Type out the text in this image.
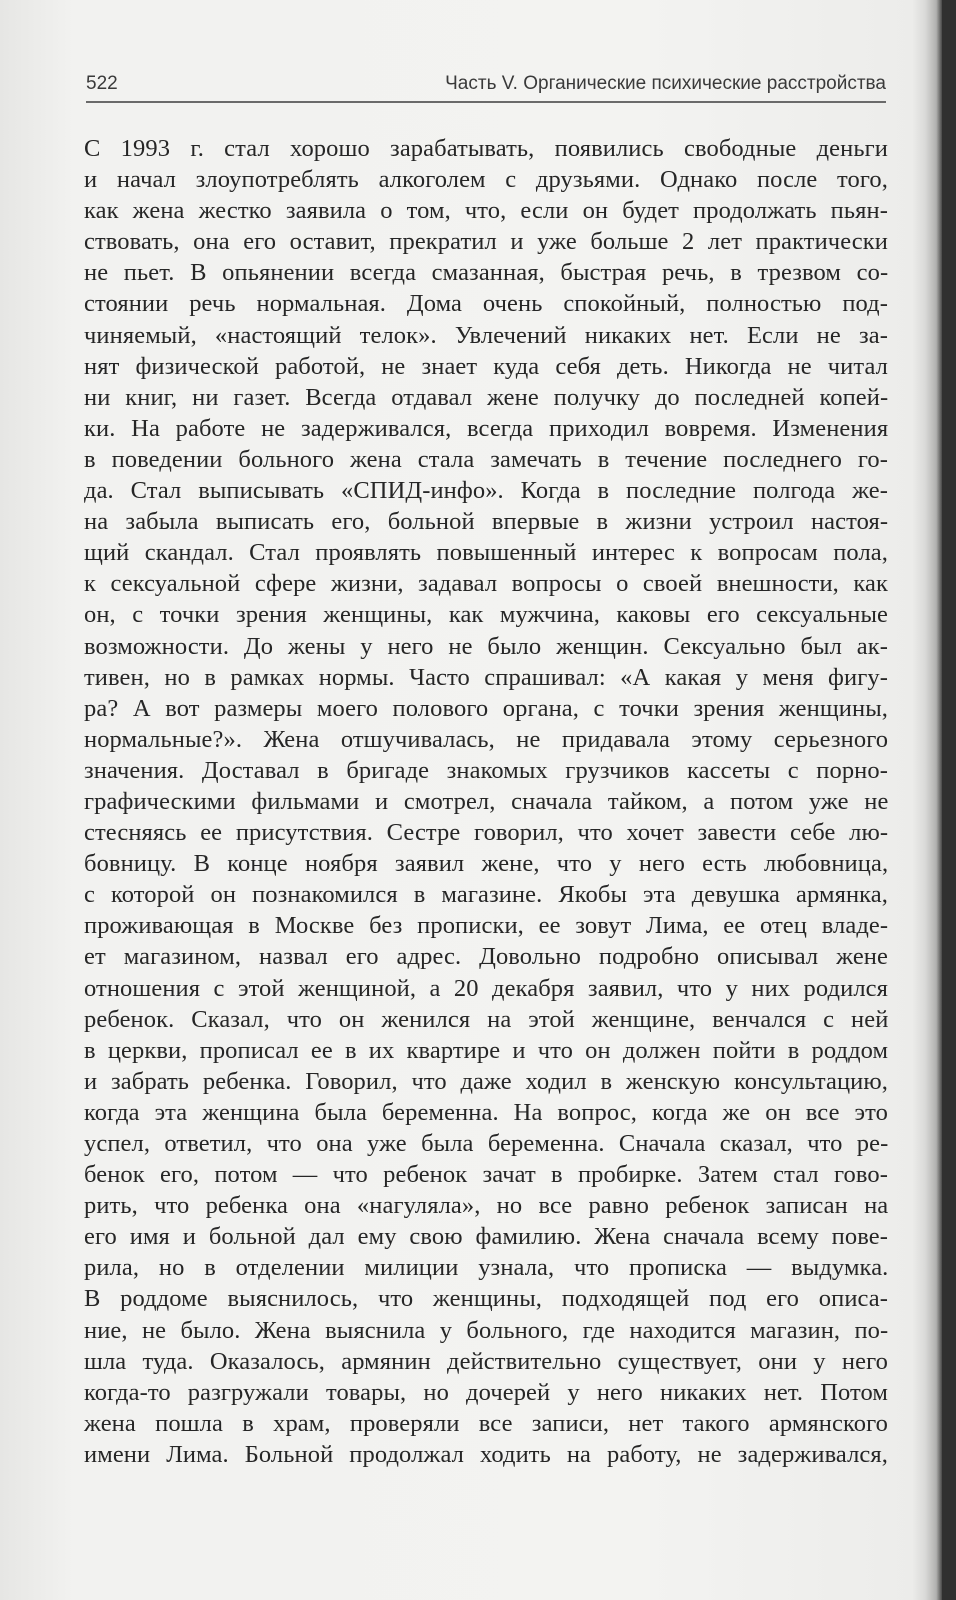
522	Часть V. Органические психические расстройства
С 1993 г. стал хорошо зарабатывать, появились свободные деньги
и начал злоупотреблять алкоголем с друзьями. Однако после того,
как жена жестко заявила о том, что, если он будет продолжать пьян-
ствовать, она его оставит, прекратил и уже больше 2 лет практически
не пьет. В опьянении всегда смазанная, быстрая речь, в трезвом со-
стоянии речь нормальная. Дома очень спокойный, полностью под-
чиняемый, «настоящий телок». Увлечений никаких нет. Если не за-
нят физической работой, не знает куда себя деть. Никогда не читал
ни книг, ни газет. Всегда отдавал жене получку до последней копей-
ки. На работе не задерживался, всегда приходил вовремя. Изменения
в поведении больного жена стала замечать в течение последнего го-
да. Стал выписывать «СПИД-инфо». Когда в последние полгода же-
на забыла выписать его, больной впервые в жизни устроил настоя-
щий скандал. Стал проявлять повышенный интерес к вопросам пола,
к сексуальной сфере жизни, задавал вопросы о своей внешности, как
он, с точки зрения женщины, как мужчина, каковы его сексуальные
возможности. До жены у него не было женщин. Сексуально был ак-
тивен, но в рамках нормы. Часто спрашивал: «А какая у меня фигу-
ра? А вот размеры моего полового органа, с точки зрения женщины,
нормальные?». Жена отшучивалась, не придавала этому серьезного
значения. Доставал в бригаде знакомых грузчиков кассеты с порно-
графическими фильмами и смотрел, сначала тайком, а потом уже не
стесняясь ее присутствия. Сестре говорил, что хочет завести себе лю-
бовницу. В конце ноября заявил жене, что у него есть любовница,
с которой он познакомился в магазине. Якобы эта девушка армянка,
проживающая в Москве без прописки, ее зовут Лима, ее отец владе-
ет магазином, назвал его адрес. Довольно подробно описывал жене
отношения с этой женщиной, а 20 декабря заявил, что у них родился
ребенок. Сказал, что он женился на этой женщине, венчался с ней
в церкви, прописал ее в их квартире и что он должен пойти в роддом
и забрать ребенка. Говорил, что даже ходил в женскую консультацию,
когда эта женщина была беременна. На вопрос, когда же он все это
успел, ответил, что она уже была беременна. Сначала сказал, что ре-
бенок его, потом — что ребенок зачат в пробирке. Затем стал гово-
рить, что ребенка она «нагуляла», но все равно ребенок записан на
его имя и больной дал ему свою фамилию. Жена сначала всему пове-
рила, но в отделении милиции узнала, что прописка — выдумка.
В роддоме выяснилось, что женщины, подходящей под его описа-
ние, не было. Жена выяснила у больного, где находится магазин, по-
шла туда. Оказалось, армянин действительно существует, они у него
когда-то разгружали товары, но дочерей у него никаких нет. Потом
жена пошла в храм, проверяли все записи, нет такого армянского
имени Лима. Больной продолжал ходить на работу, не задерживался,
